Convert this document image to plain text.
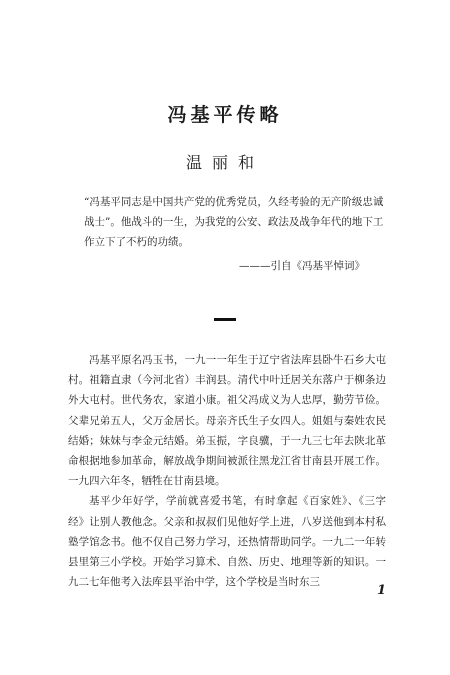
冯基平传略
温丽和

“冯基平同志是中国共产党的优秀党员，久经考验的无产阶级忠诚战士”。他战斗的一生，为我党的公安、政法及战争年代的地下工作立下了不朽的功绩。

———引自《冯基平悼词》

冯基平原名冯玉书，一九一一年生于辽宁省法库县卧牛石乡大屯村。祖籍直隶（今河北省）丰润县。清代中叶迁居关东落户于柳条边外大屯村。世代务农，家道小康。祖父冯成义为人忠厚，勤劳节俭。父辈兄弟五人，父万金居长。母亲齐氏生子女四人。姐姐与秦姓农民结婚；妹妹与李金元结婚。弟玉振，字良骥，于一九三七年去陕北革命根据地参加革命，解放战争期间被派往黑龙江省甘南县开展工作。一九四六年冬，牺牲在甘南县境。

基平少年好学，学前就喜爱书笔，有时拿起《百家姓》、《三字经》让别人教他念。父亲和叔叔们见他好学上进，八岁送他到本村私塾学馆念书。他不仅自己努力学习，还热情帮助同学。一九二一年转县里第三小学校。开始学习算术、自然、历史、地理等新的知识。一九二七年他考入法库县平治中学，这个学校是当时东三

1
